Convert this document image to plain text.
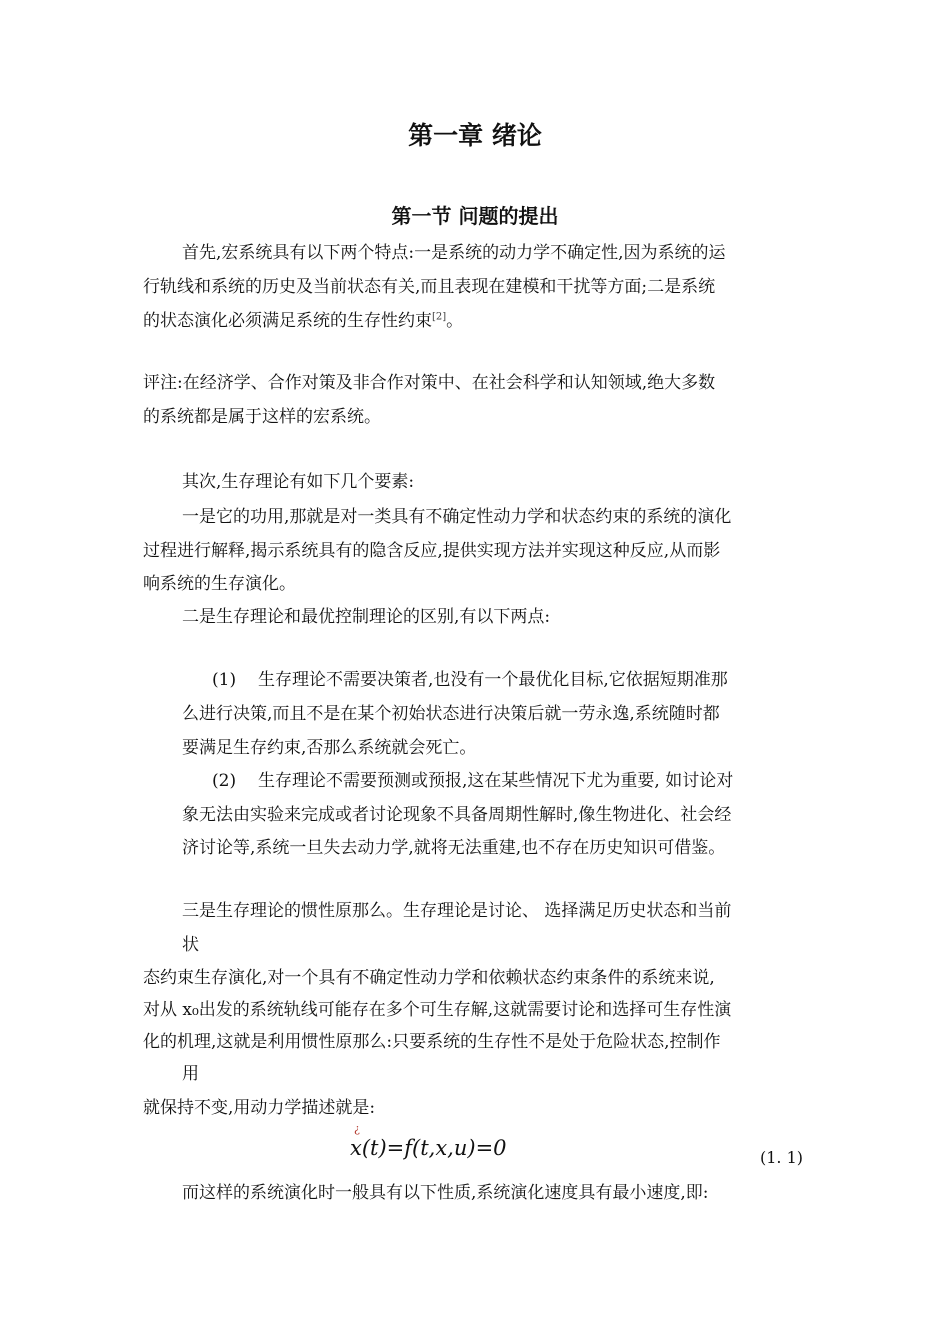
第一章 绪论
第一节 问题的提出
首先,宏系统具有以下两个特点:一是系统的动力学不确定性,因为系统的运
行轨线和系统的历史及当前状态有关,而且表现在建模和干扰等方面;二是系统
的状态演化必须满足系统的生存性约束[2]。
评注:在经济学、合作对策及非合作对策中、在社会科学和认知领域,绝大多数
的系统都是属于这样的宏系统。
其次,生存理论有如下几个要素:
一是它的功用,那就是对一类具有不确定性动力学和状态约束的系统的演化
过程进行解释,揭示系统具有的隐含反应,提供实现方法并实现这种反应,从而影
响系统的生存演化。
二是生存理论和最优控制理论的区别,有以下两点:
(1) 生存理论不需要决策者,也没有一个最优化目标,它依据短期准那
么进行决策,而且不是在某个初始状态进行决策后就一劳永逸,系统随时都
要满足生存约束,否那么系统就会死亡。
(2) 生存理论不需要预测或预报,这在某些情况下尤为重要, 如讨论对
象无法由实验来完成或者讨论现象不具备周期性解时,像生物进化、社会经
济讨论等,系统一旦失去动力学,就将无法重建,也不存在历史知识可借鉴。
三是生存理论的惯性原那么。生存理论是讨论、 选择满足历史状态和当前
状
态约束生存演化,对一个具有不确定性动力学和依赖状态约束条件的系统来说,
对从 x₀出发的系统轨线可能存在多个可生存解,这就需要讨论和选择可生存性演
化的机理,这就是利用惯性原那么:只要系统的生存性不是处于危险状态,控制作
用
就保持不变,用动力学描述就是:
¿
x(t)=f(t,x,u)=0	(1. 1)
而这样的系统演化时一般具有以下性质,系统演化速度具有最小速度,即:
